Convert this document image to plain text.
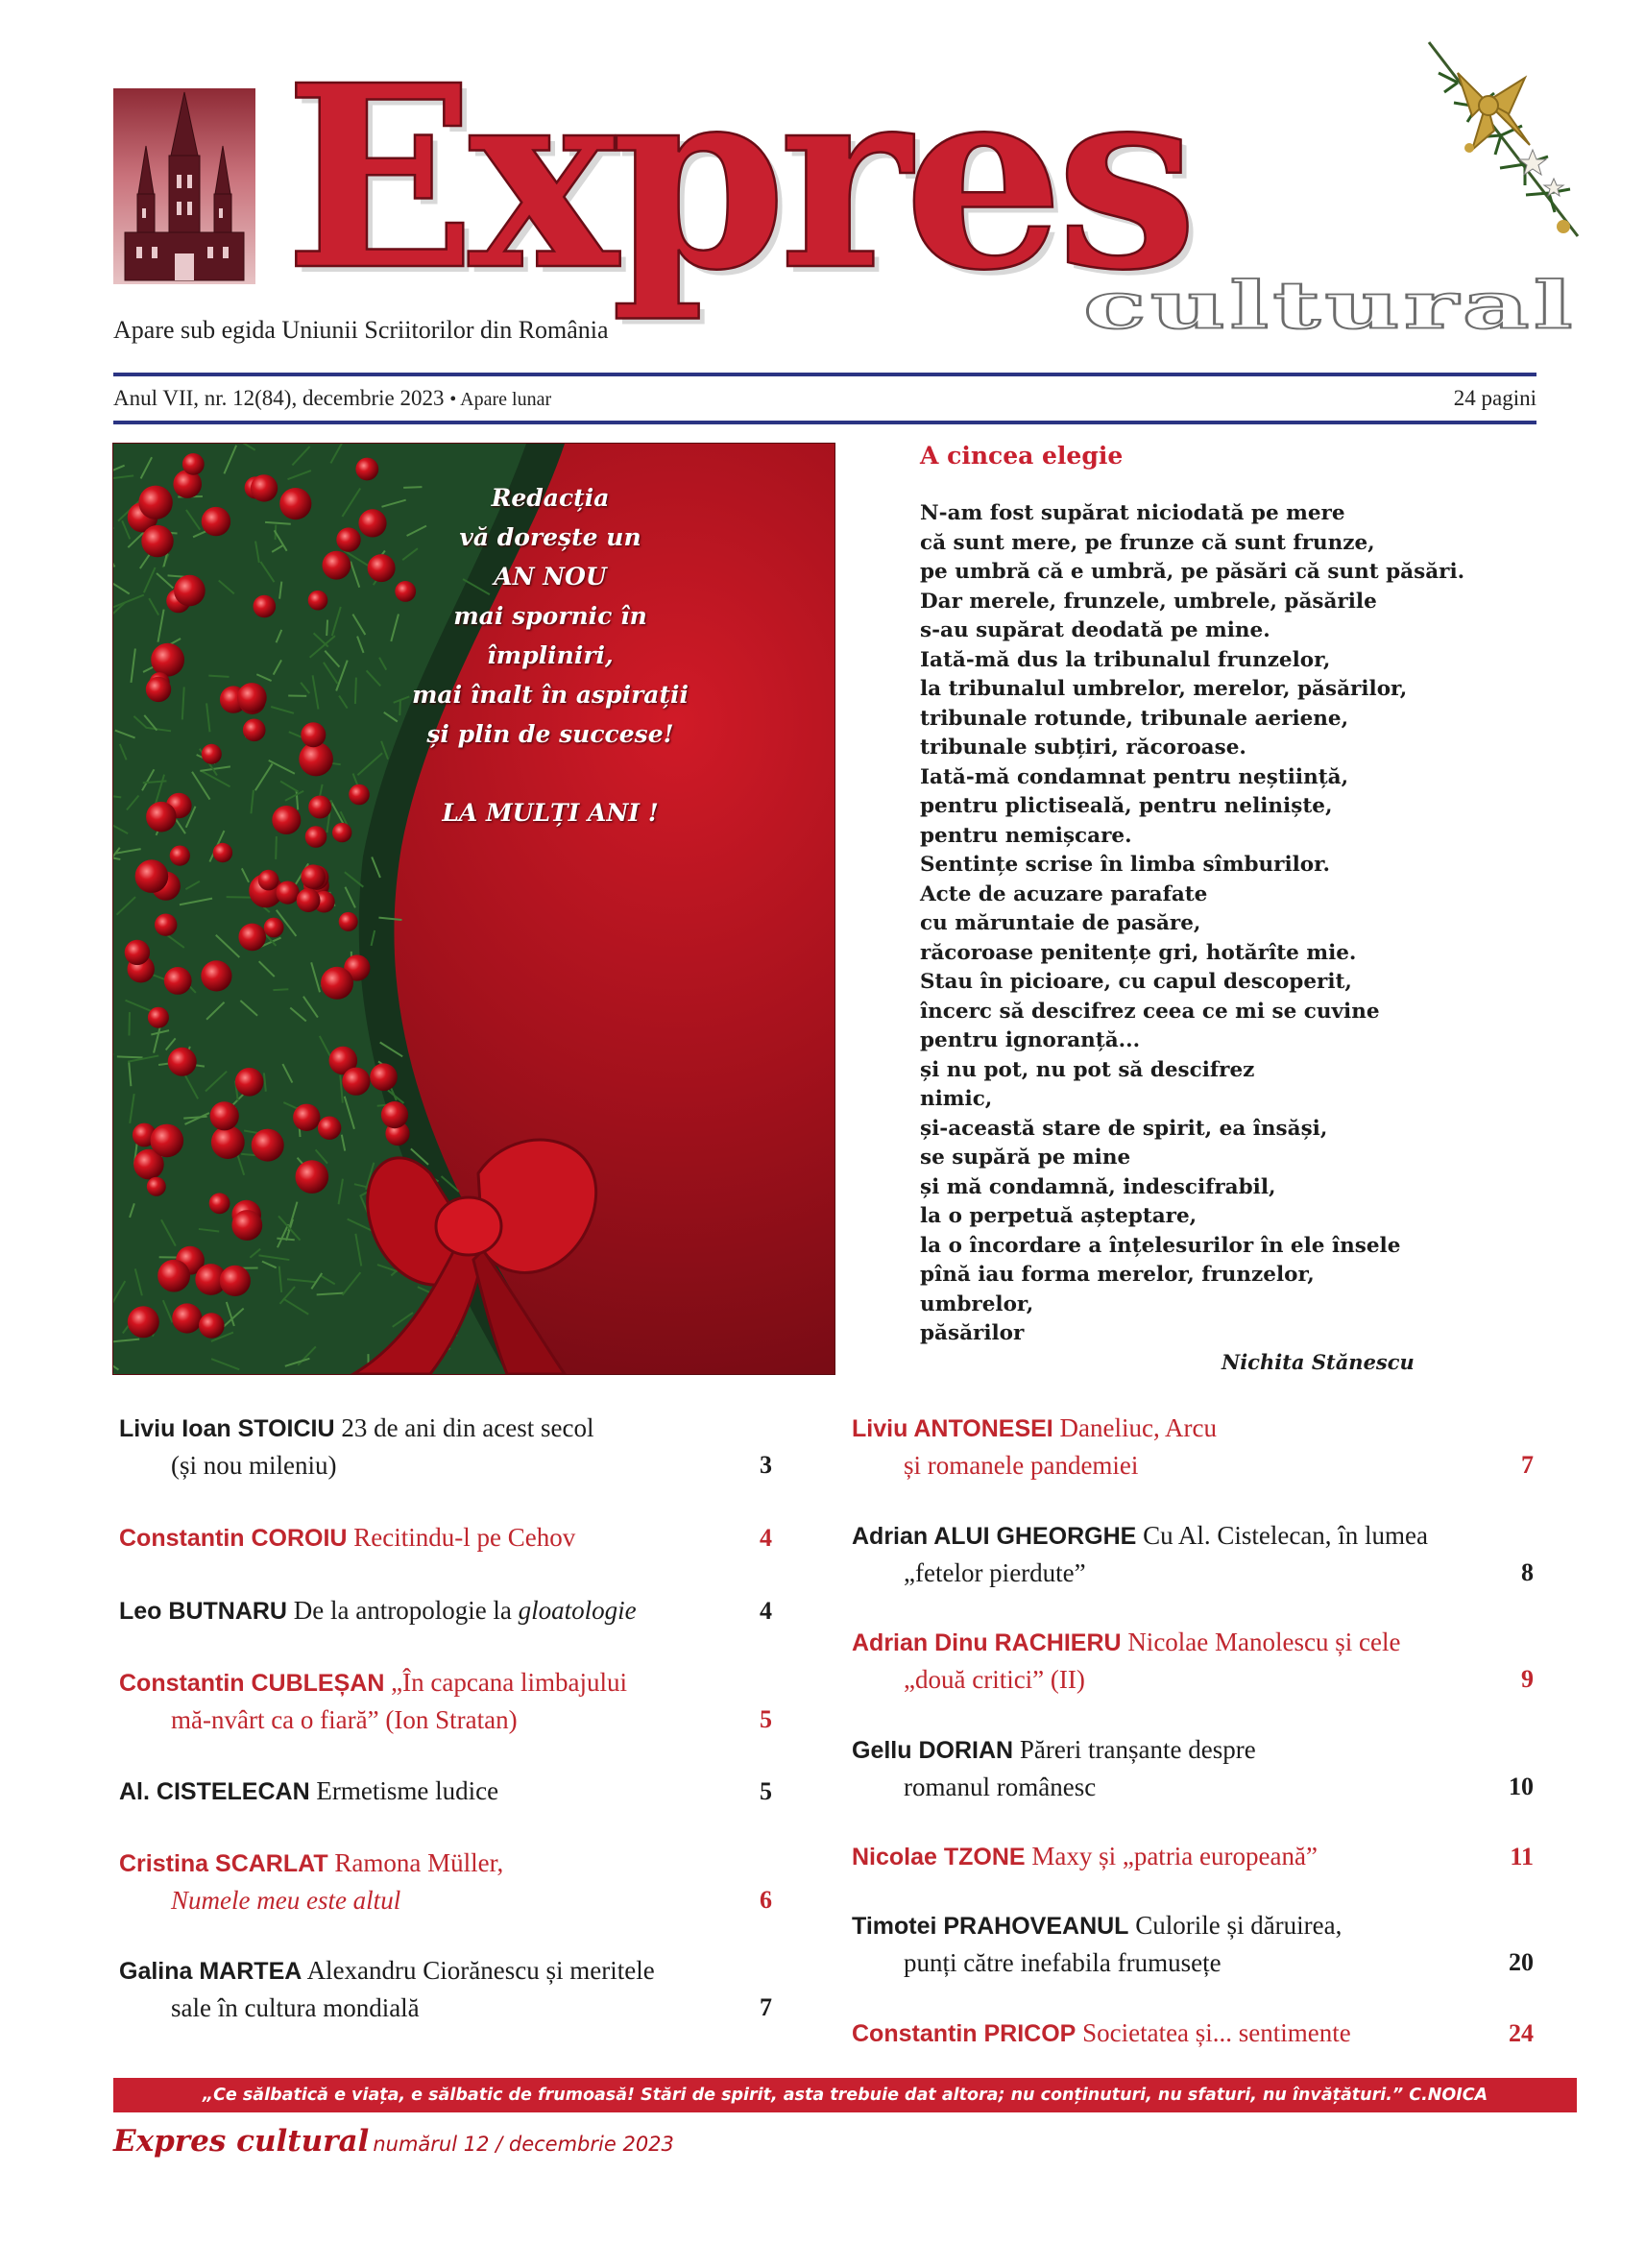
Expres
cultural
Apare sub egida Uniunii Scriitorilor din România
Anul VII, nr. 12(84), decembrie 2023 • Apare lunar	24 pagini
Redacția
vă dorește un
AN NOU
mai spornic în împliniri,
mai înalt în aspirații
și plin de succese!
LA MULȚI ANI !
A cincea elegie
N-am fost supărat niciodată pe mere
că sunt mere, pe frunze că sunt frunze,
pe umbră că e umbră, pe păsări că sunt păsări.
Dar merele, frunzele, umbrele, păsările
s-au supărat deodată pe mine.
Iată-mă dus la tribunalul frunzelor,
la tribunalul umbrelor, merelor, păsărilor,
tribunale rotunde, tribunale aeriene,
tribunale subțiri, răcoroase.
Iată-mă condamnat pentru neștiință,
pentru plictiseală, pentru neliniște,
pentru nemișcare.
Sentințe scrise în limba sîmburilor.
Acte de acuzare parafate
cu măruntaie de pasăre,
răcoroase penitențe gri, hotărîte mie.
Stau în picioare, cu capul descoperit,
încerc să descifrez ceea ce mi se cuvine
pentru ignoranță...
și nu pot, nu pot să descifrez
nimic,
și-această stare de spirit, ea însăși,
se supără pe mine
și mă condamnă, indescifrabil,
la o perpetuă așteptare,
la o încordare a înțelesurilor în ele însele
pînă iau forma merelor, frunzelor,
umbrelor,
păsărilor
Nichita Stănescu
Liviu Ioan STOICIU 23 de ani din acest secol
(și nou mileniu)	3
Constantin COROIU Recitindu-l pe Cehov	4
Leo BUTNARU De la antropologie la gloatologie	4
Constantin CUBLEȘAN „În capcana limbajului
mă-nvârt ca o fiară” (Ion Stratan)	5
Al. CISTELECAN Ermetisme ludice	5
Cristina SCARLAT Ramona Müller,
Numele meu este altul	6
Galina MARTEA Alexandru Ciorănescu și meritele
sale în cultura mondială	7
Liviu ANTONESEI Daneliuc, Arcu
și romanele pandemiei	7
Adrian ALUI GHEORGHE Cu Al. Cistelecan, în lumea
„fetelor pierdute”	8
Adrian Dinu RACHIERU Nicolae Manolescu și cele
„două critici” (II)	9
Gellu DORIAN Păreri tranșante despre
romanul românesc	10
Nicolae TZONE Maxy și „patria europeană”	11
Timotei PRAHOVEANUL Culorile și dăruirea,
punți către inefabila frumusețe	20
Constantin PRICOP Societatea și... sentimente	24
„Ce sălbatică e viața, e sălbatic de frumoasă! Stări de spirit, asta trebuie dat altora; nu conținuturi, nu sfaturi, nu învățături.” C.NOICA
Expres cultural numărul 12 / decembrie 2023
